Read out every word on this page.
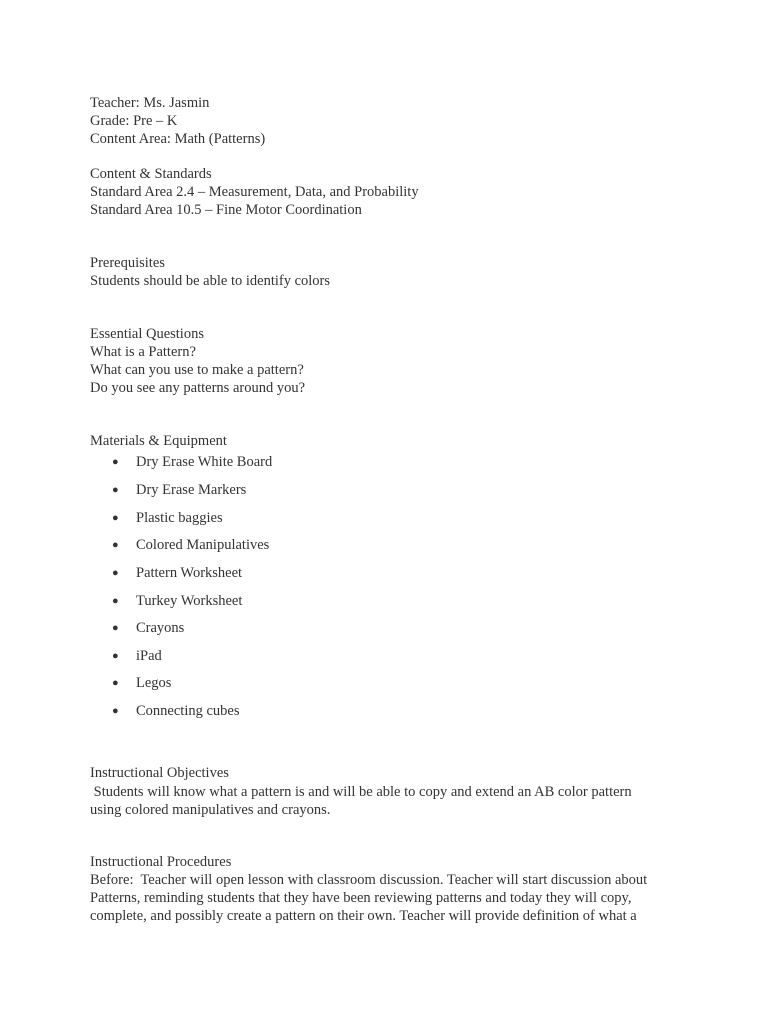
Teacher: Ms. Jasmin
Grade: Pre – K
Content Area: Math (Patterns)
Content & Standards
Standard Area 2.4 – Measurement, Data, and Probability
Standard Area 10.5 – Fine Motor Coordination
Prerequisites
Students should be able to identify colors
Essential Questions
What is a Pattern?
What can you use to make a pattern?
Do you see any patterns around you?
Materials & Equipment
● Dry Erase White Board
● Dry Erase Markers
● Plastic baggies
● Colored Manipulatives
● Pattern Worksheet
● Turkey Worksheet
● Crayons
● iPad
● Legos
● Connecting cubes
Instructional Objectives
Students will know what a pattern is and will be able to copy and extend an AB color pattern
using colored manipulatives and crayons.
Instructional Procedures
Before:  Teacher will open lesson with classroom discussion. Teacher will start discussion about
Patterns, reminding students that they have been reviewing patterns and today they will copy,
complete, and possibly create a pattern on their own. Teacher will provide definition of what a
